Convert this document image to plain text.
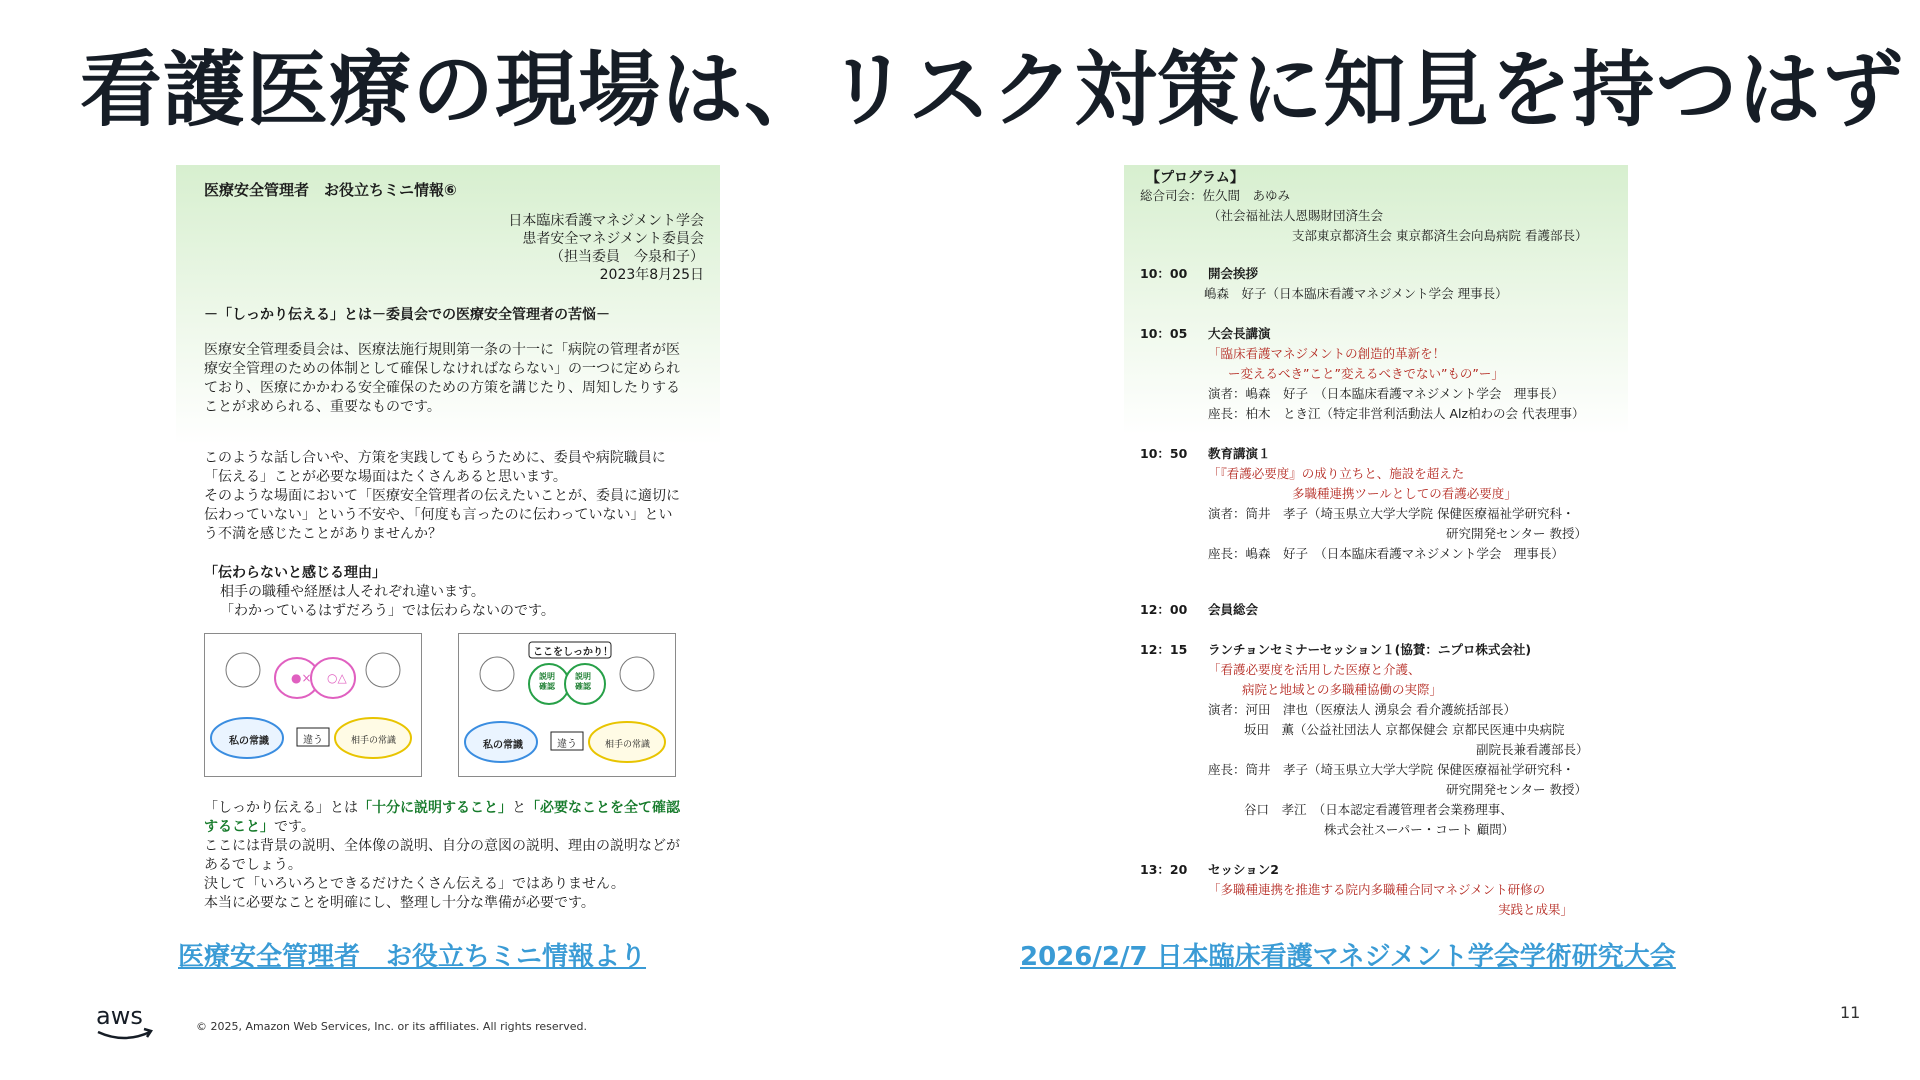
看護医療の現場は、リスク対策に知見を持つはず
医療安全管理者　お役立ちミニ情報⑥
日本臨床看護マネジメント学会
患者安全マネジメント委員会
（担当委員　今泉和子）
2023年8月25日
－「しっかり伝える」とは－委員会での医療安全管理者の苦悩－

医療安全管理委員会は、医療法施行規則第一条の十一に「病院の管理者が医

療安全管理のための体制として確保しなければならない」の一つに定められ

ており、医療にかかわる安全確保のための方策を講じたり、周知したりする

ことが求められる、重要なものです。

このような話し合いや、方策を実践してもらうために、委員や病院職員に

「伝える」ことが必要な場面はたくさんあると思います。

そのような場面において「医療安全管理者の伝えたいことが、委員に適切に

伝わっていない」という不安や、「何度も言ったのに伝わっていない」とい

う不満を感じたことがありませんか？

「伝わらないと感じる理由」
相手の職種や経歴は人それぞれ違います。
「わかっているはずだろう」では伝わらないのです。
●× ○△
私の常識	違う	相手の常識
ここをしっかり！
説明確認
説明確認
私の常識	違う	相手の常識

「しっかり伝える」とは「十分に説明すること」と「必要なことを全て確認

すること」です。

ここには背景の説明、全体像の説明、自分の意図の説明、理由の説明などが

あるでしょう。

決して「いろいろとできるだけたくさん伝える」ではありません。

本当に必要なことを明確にし、整理し十分な準備が必要です。

【プログラム】
総合司会：佐久間　あゆみ
（社会福祉法人恩賜財団済生会
支部東京都済生会 東京都済生会向島病院 看護部長）
10：00 開会挨拶
嶋森　好子（日本臨床看護マネジメント学会 理事長）
10：05 大会長講演
「臨床看護マネジメントの創造的革新を！
ー変えるべき”こと”変えるべきでない”もの”ー」
演者：嶋森　好子　（日本臨床看護マネジメント学会　理事長）
座長：柏木　とき江（特定非営利活動法人 Alz柏わの会 代表理事）
10：50 教育講演１
「『看護必要度』の成り立ちと、施設を超えた
多職種連携ツールとしての看護必要度」
演者：筒井　孝子（埼玉県立大学大学院 保健医療福祉学研究科・
研究開発センター 教授）
座長：嶋森　好子　（日本臨床看護マネジメント学会　理事長）
12：00 会員総会
12：15 ランチョンセミナーセッション１(協賛：ニプロ株式会社)
「看護必要度を活用した医療と介護、
病院と地域との多職種協働の実際」
演者：河田　津也（医療法人 湧泉会 看介護統括部長）
坂田　薫（公益社団法人 京都保健会 京都民医連中央病院
副院長兼看護部長）
座長：筒井　孝子（埼玉県立大学大学院 保健医療福祉学研究科・
研究開発センター 教授）
谷口　孝江　（日本認定看護管理者会業務理事、
株式会社スーパー・コート 顧問）
13：20 セッション2
「多職種連携を推進する院内多職種合同マネジメント研修の
実践と成果」
医療安全管理者　お役立ちミニ情報より	2026/2/7 日本臨床看護マネジメント学会学術研究大会
aws	© 2025, Amazon Web Services, Inc. or its affiliates. All rights reserved.
11
